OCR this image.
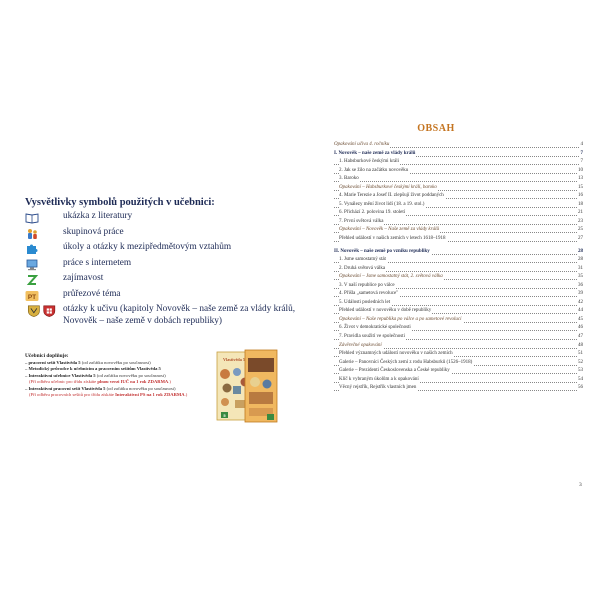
Vysvětlivky symbolů použitých v učebnici:
ukázka z literatury
skupinová práce
úkoly a otázky k mezipředmětovým vztahům
práce s internetem
zajímavost
PT	průřezové téma
otázky k učivu (kapitoly Novověk – naše země za vlády králů, Novověk – naše země v dobách republiky)
Učebnici doplňuje:
– pracovní sešit Vlastivěda 5 (od začátku novověku po současnost)
– Metodický průvodce k učebnicím a pracovním sešitům Vlastivěda 5
– Interaktivní učebnice Vlastivěda 5 (od začátku novověku po současnost)
(Pří odběru učebnic pro třídu získáte plnou verzi IUČ na 1 rok ZDARMA.)
– Interaktivní pracovní sešit Vlastivěda 5 (od začátku novověku po současnost)
(Pří odběru pracovních sešitů pro třídu získáte Interaktivní PS na 1 rok ZDARMA.)
Vlastivěda 5
5
OBSAH
Opakování učiva 4. ročníku	4
I. Novověk – naše země za vlády králů	7
1. Habsburkové českými králi	7
2. Jak se žilo na začátku novověku	10
3. Baroko	13
Opakování – Habsburkové českými králi, baroko	15
4. Marie Terezie a Josef II. zlepšují život poddaných	16
5. Vynálezy mění život lidí (18. a 19. stol.)	18
6. Přichází 2. polovina 19. století	21
7. První světová válka	23
Opakování – Novověk – Naše země za vlády králů	25
Přehled událostí v našich zemích v letech 1618–1918	27
II. Novověk – naše země po vzniku republiky	28
1. Jsme samostatný stát	28
2. Druhá světová válka	31
Opakování – Jsme samostatný stát, 2. světová válka	35
3. V naší republice po válce	36
4. Přišla „sametová revoluce"	39
5. Události posledních let	42
Přehled událostí v novověku v době republiky	44
Opakování – Naše republika po válce a po sametové revoluci	45
6. Život v demokratické společnosti	46
7. Pravidla soužití ve společnosti	47
Závěrečné opakování	48
Přehled významných událostí novověku v našich zemích	51
Galerie – Panovníci Českých zemí z rodu Habsburků (1526–1918)	52
Galerie – Prezidenti Československa a České republiky	53
Klíč k vybraným úkolům a k opakování	54
Věcný rejstřík, Rejstřík vlastních jmen	56
3
